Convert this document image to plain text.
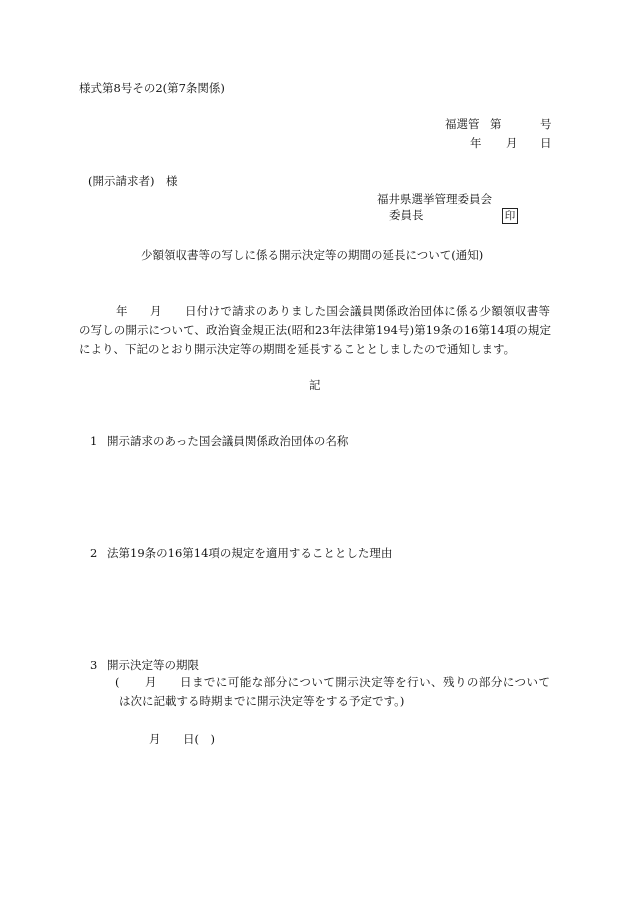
様式第8号その2(第7条関係)
福選管 第	号
年 月 日
(開示請求者)　様
福井県選挙管理委員会
委員長	印
少額領収書等の写しに係る開示決定等の期間の延長について(通知)
年 月 日付けで請求のありました国会議員関係政治団体に係る少額領収書等
の写しの開示について、政治資金規正法(昭和23年法律第194号)第19条の16第14項の規定
により、下記のとおり開示決定等の期間を延長することとしましたので通知します。
記
1 開示請求のあった国会議員関係政治団体の名称
2 法第19条の16第14項の規定を適用することとした理由
3 開示決定等の期限
( 月 日までに可能な部分について開示決定等を行い、残りの部分について
は次に記載する時期までに開示決定等をする予定です。)
月 日(　)
